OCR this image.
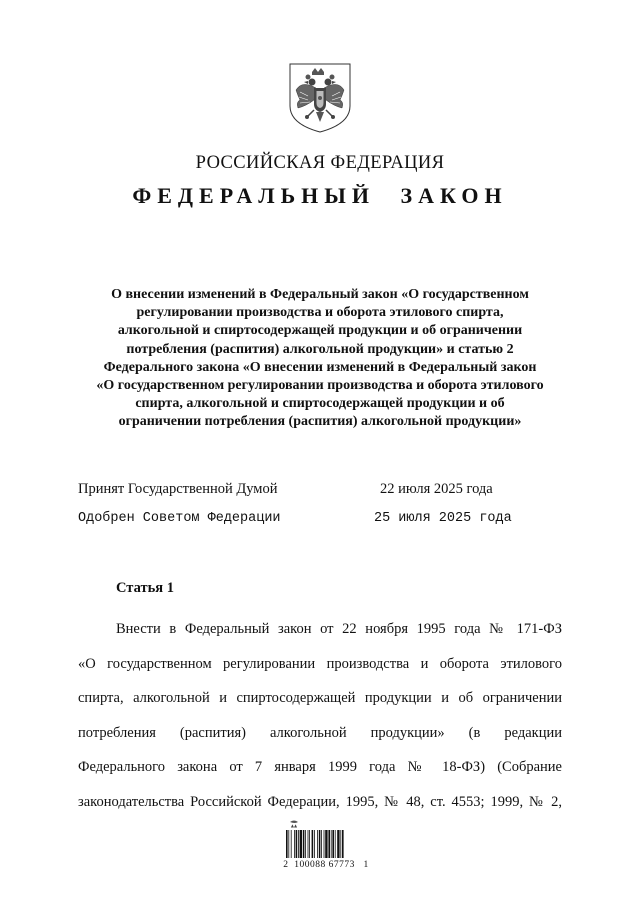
РОССИЙСКАЯ ФЕДЕРАЦИЯ
ФЕДЕРАЛЬНЫЙ ЗАКОН
О внесении изменений в Федеральный закон «О государственном
регулировании производства и оборота этилового спирта,
алкогольной и спиртосодержащей продукции и об ограничении
потребления (распития) алкогольной продукции» и статью 2
Федерального закона «О внесении изменений в Федеральный закон
«О государственном регулировании производства и оборота этилового
спирта, алкогольной и спиртосодержащей продукции и об
ограничении потребления (распития) алкогольной продукции»
Принят Государственной Думой	22 июля 2025 года
Одобрен Советом Федерации	25 июля 2025 года
Статья 1
Внести в Федеральный закон от 22 ноября 1995 года № 171-ФЗ
«О государственном регулировании производства и оборота этилового
спирта, алкогольной и спиртосодержащей продукции и об ограничении
потребления (распития) алкогольной продукции» (в редакции
Федерального закона от 7 января 1999 года № 18-ФЗ) (Собрание
законодательства Российской Федерации, 1995, № 48, ст. 4553; 1999, № 2,
▲▲
2  100088 67773   1
